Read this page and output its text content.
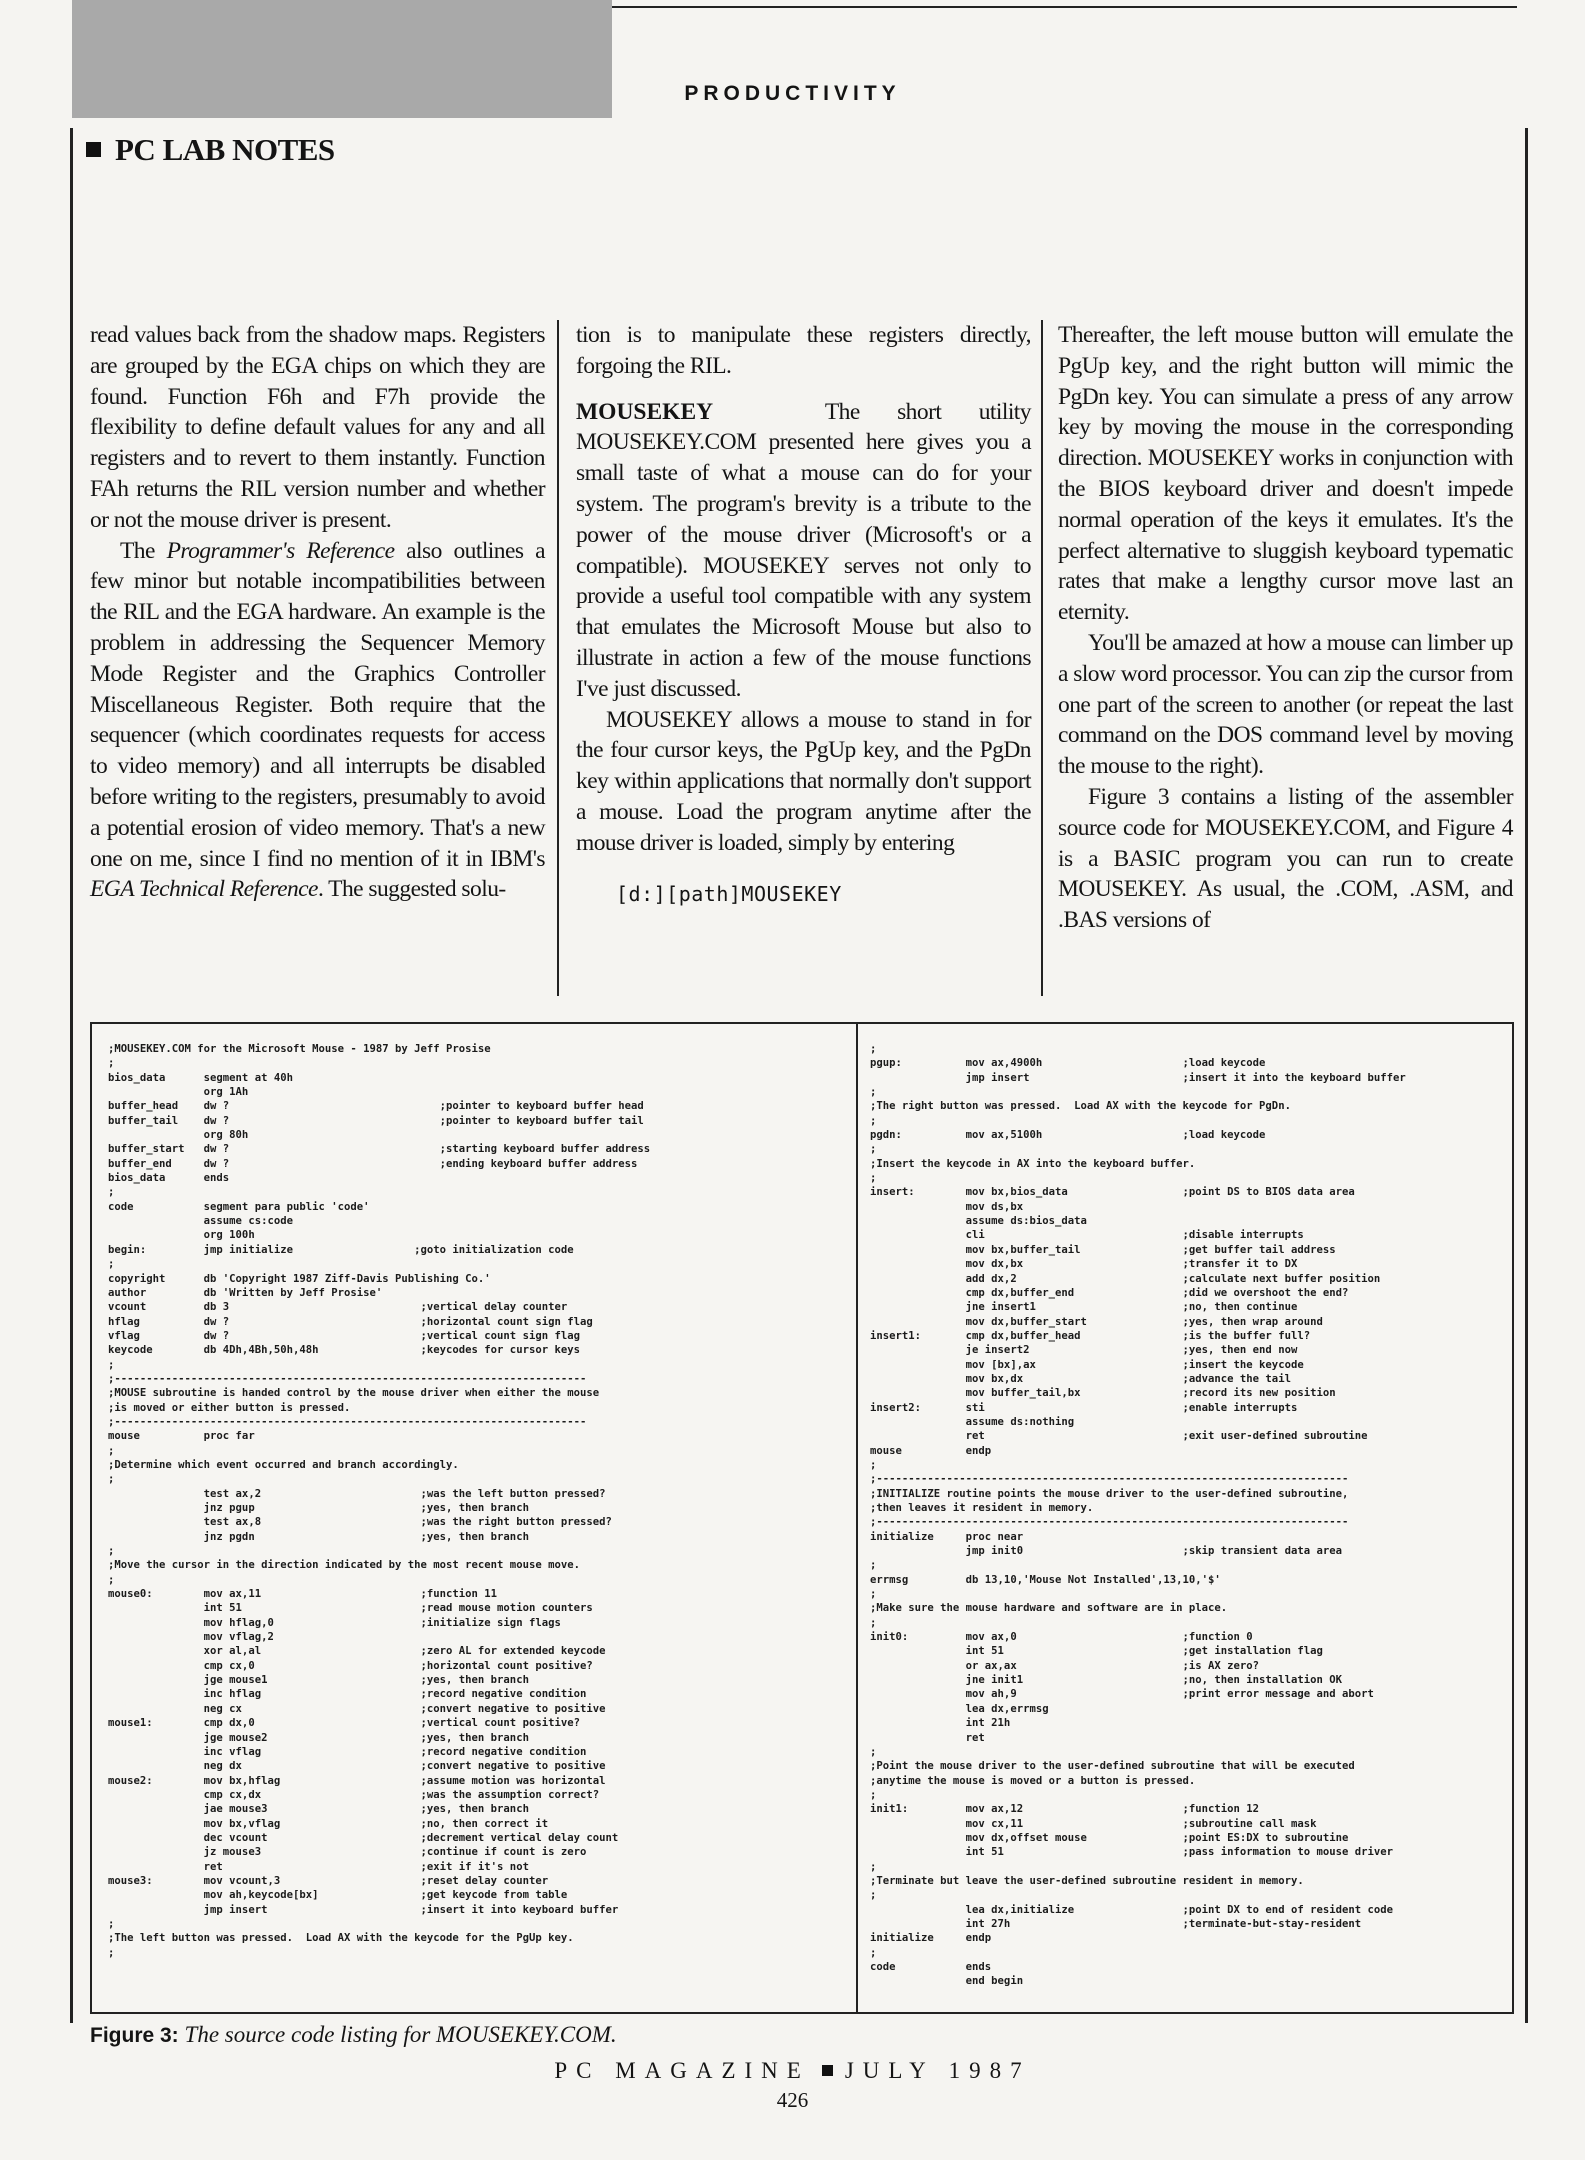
PRODUCTIVITY
PC LAB NOTES

read values back from the shadow maps. Registers are grouped by the EGA chips on which they are found. Function F6h and F7h provide the flexibility to define default values for any and all registers and to revert to them instantly. Function FAh returns the RIL version number and whether or not the mouse driver is present.

The Programmer's Reference also outlines a few minor but notable incompatibilities between the RIL and the EGA hardware. An example is the problem in addressing the Sequencer Memory Mode Register and the Graphics Controller Miscellaneous Register. Both require that the sequencer (which coordinates requests for access to video memory) and all interrupts be disabled before writing to the registers, presumably to avoid a potential erosion of video memory. That's a new one on me, since I find no mention of it in IBM's EGA Technical Reference. The suggested solu-

tion is to manipulate these registers directly, forgoing the RIL.

MOUSEKEY	The short utility MOUSEKEY.COM presented here gives you a small taste of what a mouse can do for your system. The program's brevity is a tribute to the power of the mouse driver (Microsoft's or a compatible). MOUSEKEY serves not only to provide a useful tool compatible with any system that emulates the Microsoft Mouse but also to illustrate in action a few of the mouse functions I've just discussed.

MOUSEKEY allows a mouse to stand in for the four cursor keys, the PgUp key, and the PgDn key within applications that normally don't support a mouse. Load the program anytime after the mouse driver is loaded, simply by entering

[d:][path]MOUSEKEY

Thereafter, the left mouse button will emulate the PgUp key, and the right button will mimic the PgDn key. You can simulate a press of any arrow key by moving the mouse in the corresponding direction. MOUSEKEY works in conjunction with the BIOS keyboard driver and doesn't impede normal operation of the keys it emulates. It's the perfect alternative to sluggish keyboard typematic rates that make a lengthy cursor move last an eternity.

You'll be amazed at how a mouse can limber up a slow word processor. You can zip the cursor from one part of the screen to another (or repeat the last command on the DOS command level by moving the mouse to the right).

Figure 3 contains a listing of the assembler source code for MOUSEKEY.COM, and Figure 4 is a BASIC program you can run to create MOUSEKEY. As usual, the .COM, .ASM, and .BAS versions of

;MOUSEKEY.COM for the Microsoft Mouse - 1987 by Jeff Prosise
;
bios_data      segment at 40h
org 1Ah
buffer_head    dw ?                                 ;pointer to keyboard buffer head
buffer_tail    dw ?                                 ;pointer to keyboard buffer tail
org 80h
buffer_start   dw ?                                 ;starting keyboard buffer address
buffer_end     dw ?                                 ;ending keyboard buffer address
bios_data      ends
;
code           segment para public 'code'
assume cs:code
org 100h
begin:         jmp initialize                   ;goto initialization code
;
copyright      db 'Copyright 1987 Ziff-Davis Publishing Co.'
author         db 'Written by Jeff Prosise'
vcount         db 3                              ;vertical delay counter
hflag          dw ?                              ;horizontal count sign flag
vflag          dw ?                              ;vertical count sign flag
keycode        db 4Dh,4Bh,50h,48h                ;keycodes for cursor keys
;
;--------------------------------------------------------------------------
;MOUSE subroutine is handed control by the mouse driver when either the mouse
;is moved or either button is pressed.
;--------------------------------------------------------------------------
mouse          proc far
;
;Determine which event occurred and branch accordingly.
;
test ax,2                         ;was the left button pressed?
jnz pgup                          ;yes, then branch
test ax,8                         ;was the right button pressed?
jnz pgdn                          ;yes, then branch
;
;Move the cursor in the direction indicated by the most recent mouse move.
;
mouse0:        mov ax,11                         ;function 11
int 51                            ;read mouse motion counters
mov hflag,0                       ;initialize sign flags
mov vflag,2
xor al,al                         ;zero AL for extended keycode
cmp cx,0                          ;horizontal count positive?
jge mouse1                        ;yes, then branch
inc hflag                         ;record negative condition
neg cx                            ;convert negative to positive
mouse1:        cmp dx,0                          ;vertical count positive?
jge mouse2                        ;yes, then branch
inc vflag                         ;record negative condition
neg dx                            ;convert negative to positive
mouse2:        mov bx,hflag                      ;assume motion was horizontal
cmp cx,dx                         ;was the assumption correct?
jae mouse3                        ;yes, then branch
mov bx,vflag                      ;no, then correct it
dec vcount                        ;decrement vertical delay count
jz mouse3                         ;continue if count is zero
ret                               ;exit if it's not
mouse3:        mov vcount,3                      ;reset delay counter
mov ah,keycode[bx]                ;get keycode from table
jmp insert                        ;insert it into keyboard buffer
;
;The left button was pressed.  Load AX with the keycode for the PgUp key.
;
;
pgup:          mov ax,4900h                      ;load keycode
jmp insert                        ;insert it into the keyboard buffer
;
;The right button was pressed.  Load AX with the keycode for PgDn.
;
pgdn:          mov ax,5100h                      ;load keycode
;
;Insert the keycode in AX into the keyboard buffer.
;
insert:        mov bx,bios_data                  ;point DS to BIOS data area
mov ds,bx
assume ds:bios_data
cli                               ;disable interrupts
mov bx,buffer_tail                ;get buffer tail address
mov dx,bx                         ;transfer it to DX
add dx,2                          ;calculate next buffer position
cmp dx,buffer_end                 ;did we overshoot the end?
jne insert1                       ;no, then continue
mov dx,buffer_start               ;yes, then wrap around
insert1:       cmp dx,buffer_head                ;is the buffer full?
je insert2                        ;yes, then end now
mov [bx],ax                       ;insert the keycode
mov bx,dx                         ;advance the tail
mov buffer_tail,bx                ;record its new position
insert2:       sti                               ;enable interrupts
assume ds:nothing
ret                               ;exit user-defined subroutine
mouse          endp
;
;--------------------------------------------------------------------------
;INITIALIZE routine points the mouse driver to the user-defined subroutine,
;then leaves it resident in memory.
;--------------------------------------------------------------------------
initialize     proc near
jmp init0                         ;skip transient data area
;
errmsg         db 13,10,'Mouse Not Installed',13,10,'$'
;
;Make sure the mouse hardware and software are in place.
;
init0:         mov ax,0                          ;function 0
int 51                            ;get installation flag
or ax,ax                          ;is AX zero?
jne init1                         ;no, then installation OK
mov ah,9                          ;print error message and abort
lea dx,errmsg
int 21h
ret
;
;Point the mouse driver to the user-defined subroutine that will be executed
;anytime the mouse is moved or a button is pressed.
;
init1:         mov ax,12                         ;function 12
mov cx,11                         ;subroutine call mask
mov dx,offset mouse               ;point ES:DX to subroutine
int 51                            ;pass information to mouse driver
;
;Terminate but leave the user-defined subroutine resident in memory.
;
lea dx,initialize                 ;point DX to end of resident code
int 27h                           ;terminate-but-stay-resident
initialize     endp
;
code           ends
end begin
Figure 3: The source code listing for MOUSEKEY.COM.
PC MAGAZINE JULY 1987
426
